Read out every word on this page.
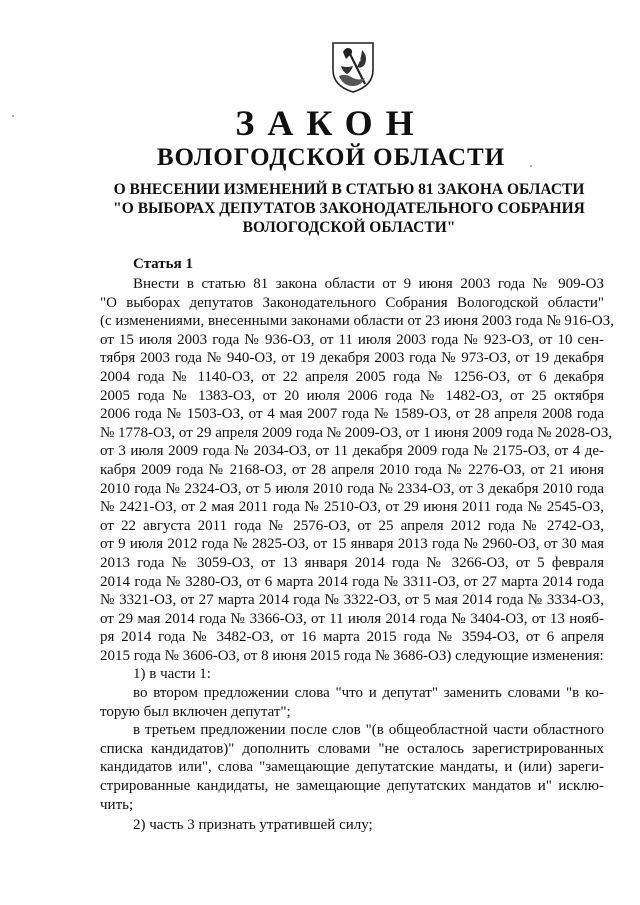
ЗАКОН
ВОЛОГОДСКОЙ ОБЛАСТИ
О ВНЕСЕНИИ ИЗМЕНЕНИЙ В СТАТЬЮ 81 ЗАКОНА ОБЛАСТИ
"О ВЫБОРАХ ДЕПУТАТОВ ЗАКОНОДАТЕЛЬНОГО СОБРАНИЯ
ВОЛОГОДСКОЙ ОБЛАСТИ"
Статья 1
Внести в статью 81 закона области от 9 июня 2003 года № 909-ОЗ
"О выборах депутатов Законодательного Собрания Вологодской области"
(с изменениями, внесенными законами области от 23 июня 2003 года № 916-ОЗ,
от 15 июля 2003 года № 936-ОЗ, от 11 июля 2003 года № 923-ОЗ, от 10 сен-
тября 2003 года № 940-ОЗ, от 19 декабря 2003 года № 973-ОЗ, от 19 декабря
2004 года № 1140-ОЗ, от 22 апреля 2005 года № 1256-ОЗ, от 6 декабря
2005 года № 1383-ОЗ, от 20 июля 2006 года № 1482-ОЗ, от 25 октября
2006 года № 1503-ОЗ, от 4 мая 2007 года № 1589-ОЗ, от 28 апреля 2008 года
№ 1778-ОЗ, от 29 апреля 2009 года № 2009-ОЗ, от 1 июня 2009 года № 2028-ОЗ,
от 3 июля 2009 года № 2034-ОЗ, от 11 декабря 2009 года № 2175-ОЗ, от 4 де-
кабря 2009 года № 2168-ОЗ, от 28 апреля 2010 года № 2276-ОЗ, от 21 июня
2010 года № 2324-ОЗ, от 5 июля 2010 года № 2334-ОЗ, от 3 декабря 2010 года
№ 2421-ОЗ, от 2 мая 2011 года № 2510-ОЗ, от 29 июня 2011 года № 2545-ОЗ,
от 22 августа 2011 года № 2576-ОЗ, от 25 апреля 2012 года № 2742-ОЗ,
от 9 июля 2012 года № 2825-ОЗ, от 15 января 2013 года № 2960-ОЗ, от 30 мая
2013 года № 3059-ОЗ, от 13 января 2014 года № 3266-ОЗ, от 5 февраля
2014 года № 3280-ОЗ, от 6 марта 2014 года № 3311-ОЗ, от 27 марта 2014 года
№ 3321-ОЗ, от 27 марта 2014 года № 3322-ОЗ, от 5 мая 2014 года № 3334-ОЗ,
от 29 мая 2014 года № 3366-ОЗ, от 11 июля 2014 года № 3404-ОЗ, от 13 нояб-
ря 2014 года № 3482-ОЗ, от 16 марта 2015 года № 3594-ОЗ, от 6 апреля
2015 года № 3606-ОЗ, от 8 июня 2015 года № 3686-ОЗ) следующие изменения:
1) в части 1:
во втором предложении слова "что и депутат" заменить словами "в ко-
торую был включен депутат";
в третьем предложении после слов "(в общеобластной части областного
списка кандидатов)" дополнить словами "не осталось зарегистрированных
кандидатов или", слова "замещающие депутатские мандаты, и (или) зареги-
стрированные кандидаты, не замещающие депутатских мандатов и" исклю-
чить;
2) часть 3 признать утратившей силу;
